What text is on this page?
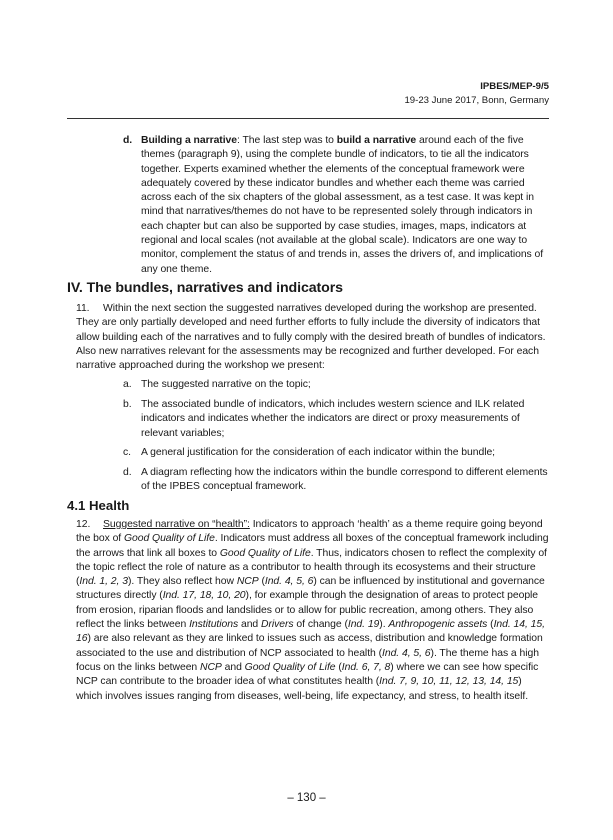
IPBES/MEP-9/5
19-23 June 2017, Bonn, Germany
d. Building a narrative: The last step was to build a narrative around each of the five themes (paragraph 9), using the complete bundle of indicators, to tie all the indicators together. Experts examined whether the elements of the conceptual framework were adequately covered by these indicator bundles and whether each theme was carried across each of the six chapters of the global assessment, as a test case. It was kept in mind that narratives/themes do not have to be represented solely through indicators in each chapter but can also be supported by case studies, images, maps, indicators at regional and local scales (not available at the global scale). Indicators are one way to monitor, complement the status of and trends in, asses the drivers of, and implications of any one theme.
IV. The bundles, narratives and indicators
11. Within the next section the suggested narratives developed during the workshop are presented. They are only partially developed and need further efforts to fully include the diversity of indicators that allow building each of the narratives and to fully comply with the desired breath of bundles of indicators. Also new narratives relevant for the assessments may be recognized and further developed. For each narrative approached during the workshop we present:
a. The suggested narrative on the topic;
b. The associated bundle of indicators, which includes western science and ILK related indicators and indicates whether the indicators are direct or proxy measurements of relevant variables;
c. A general justification for the consideration of each indicator within the bundle;
d. A diagram reflecting how the indicators within the bundle correspond to different elements of the IPBES conceptual framework.
4.1 Health
12. Suggested narrative on “health”: Indicators to approach ‘health’ as a theme require going beyond the box of Good Quality of Life. Indicators must address all boxes of the conceptual framework including the arrows that link all boxes to Good Quality of Life. Thus, indicators chosen to reflect the complexity of the topic reflect the role of nature as a contributor to health through its ecosystems and their structure (Ind. 1, 2, 3). They also reflect how NCP (Ind. 4, 5, 6) can be influenced by institutional and governance structures directly (Ind. 17, 18, 10, 20), for example through the designation of areas to protect people from erosion, riparian floods and landslides or to allow for public recreation, among others. They also reflect the links between Institutions and Drivers of change (Ind. 19). Anthropogenic assets (Ind. 14, 15, 16) are also relevant as they are linked to issues such as access, distribution and knowledge formation associated to the use and distribution of NCP associated to health (Ind. 4, 5, 6). The theme has a high focus on the links between NCP and Good Quality of Life (Ind. 6, 7, 8) where we can see how specific NCP can contribute to the broader idea of what constitutes health (Ind. 7, 9, 10, 11, 12, 13, 14, 15) which involves issues ranging from diseases, well-being, life expectancy, and stress, to health itself.
– 130 –
